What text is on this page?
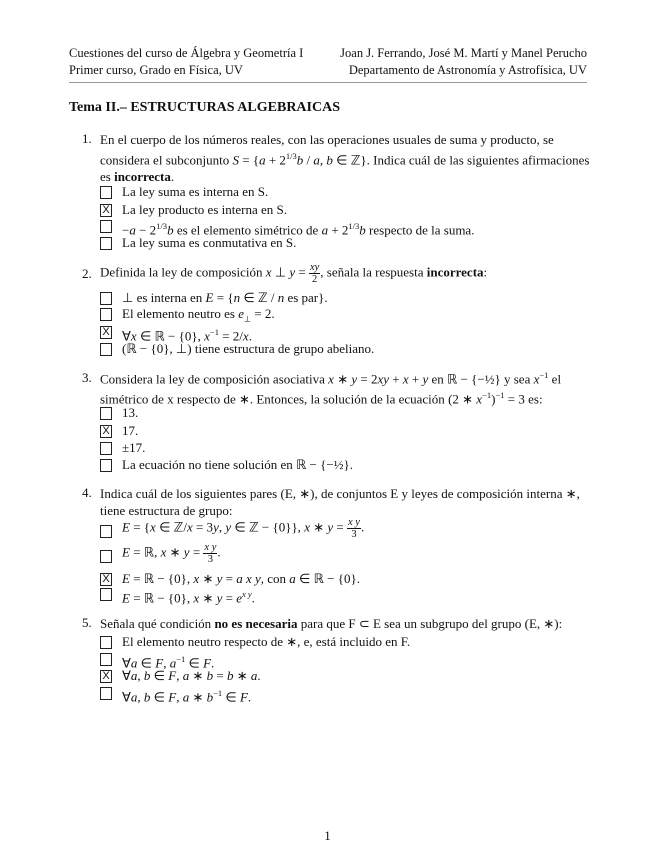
Cuestiones del curso de Álgebra y Geometría I	Joan J. Ferrando, José M. Martí y Manel Perucho
Primer curso, Grado en Física, UV	Departamento de Astronomía y Astrofísica, UV
Tema II.– ESTRUCTURAS ALGEBRAICAS
1. En el cuerpo de los números reales, con las operaciones usuales de suma y producto, se considera el subconjunto $S = \{a + 2^{1/3}b / a$, b ∈ ℤ}. Indica cuál de las siguientes afirmaciones es incorrecta.
La ley suma es interna en S.
X La ley producto es interna en S.
$-a - 2^{1/3}b$ es el elemento simétrico de $a + 2^{1/3}b$ respecto de la suma.
La ley suma es conmutativa en S.
2. Definida la ley de composición x ⊥ $y = \frac{xy}{2}$ , señala la respuesta incorrecta:
⊥ es interna en E = {n ∈ ℤ / n es par}.
El elemento neutro es $e_\perp = 2$.
X ∀x ∈ ℝ − {0}, $x^{-1} = 2/x$.
(ℝ − {0}, ⊥) tiene estructura de grupo abeliano.
3. Considera la ley de composición asociativa x ∗ y = 2xy + x + y en ℝ − {−½} y sea $x^{-1}$ el simétrico de x respecto de ∗. Entonces, la solución de la ecuación (2 ∗ $x^{-1})^{-1} = 3$ es:
13.
X 17.
±17.
La ecuación no tiene solución en ℝ − {−½}.
4. Indica cuál de los siguientes pares (E, ∗), de conjuntos E y leyes de composición interna ∗, tiene estructura de grupo:
E = {x ∈ ℤ/x = 3y, y ∈ ℤ − {0}}, x ∗ $y = \frac{\text{x y}}{3}$ .
E = ℝ, x ∗ $y = \frac{\text{x y}}{3}$ .
X E = ℝ − {0}, x ∗ y = a x y, con a ∈ ℝ − {0}.
E = ℝ − {0}, x ∗ $y = e^{x y}$.
5. Señala qué condición no es necesaria para que F ⊂ E sea un subgrupo del grupo (E, ∗):
El elemento neutro respecto de ∗, e, está incluido en F.
∀a ∈ F, $a^{-1}$ ∈ F.
X ∀a, b ∈ F, a ∗ b = b ∗ a.
∀a, b ∈ F, a ∗ $b^{-1}$ ∈ F.
1
